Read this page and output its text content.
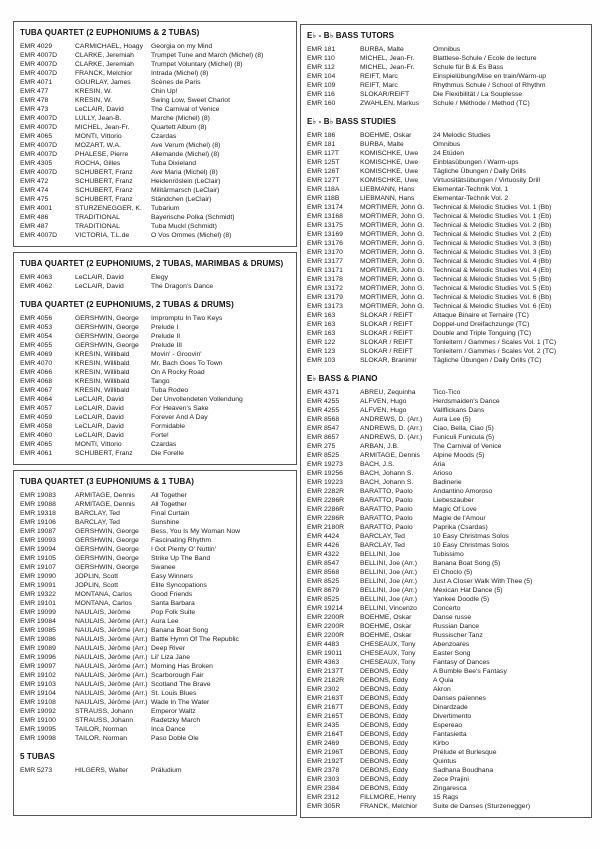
TUBA QUARTET (2 EUPHONIUMS & 2 TUBAS)
EMR 4029	CARMICHAEL, Hoagy	Georgia on my Mind
EMR 4007D	CLARKE, Jeremiah	Trumpet Tune and March (Michel) (8)
EMR 4007D	CLARKE, Jeremiah	Trumpet Voluntary (Michel) (8)
EMR 4007D	FRANCK, Melchior	Intrada (Michel) (8)
EMR 4071	GOURLAY, James	Scènes de Paris
EMR 477	KRESIN, W.	Chin Up!
EMR 478	KRESIN, W.	Swing Low, Sweet Chariot
EMR 473	LeCLAIR, David	The Carnival of Venice
EMR 4007D	LULLY, Jean-B.	Marche (Michel) (8)
EMR 4007D	MICHEL, Jean-Fr.	Quartett Album (8)
EMR 4065	MONTI, Vittorio	Czardas
EMR 4007D	MOZART, W.A.	Ave Verum (Michel) (8)
EMR 4007D	PHALESE, Pierre	Allemande (Michel) (8)
EMR 4305	ROCHA, Gilles	Tuba Dixieland
EMR 4007D	SCHUBERT, Franz	Ave Maria (Michel) (8)
EMR 472	SCHUBERT, Franz	Heidenröslein (LeClair)
EMR 474	SCHUBERT, Franz	Militärmarsch (LeClair)
EMR 475	SCHUBERT, Franz	Ständchen (LeClair)
EMR 4001	STURZENEGGER, K.	Tubarium
EMR 486	TRADITIONAL	Bayerische Polka (Schmidt)
EMR 487	TRADITIONAL	Tuba Muckl (Schmidt)
EMR 4007D	VICTORIA, T.L.de	O Vos Ommes (Michel) (8)
TUBA QUARTET (2 EUPHONIUMS, 2 TUBAS, MARIMBAS & DRUMS)
EMR 4063	LeCLAIR, David	Elegy
EMR 4062	LeCLAIR, David	The Dragon's Dance
TUBA QUARTET (2 EUPHONIUMS, 2 TUBAS & DRUMS)
EMR 4056	GERSHWIN, George	Impromptu In Two Keys
EMR 4053	GERSHWIN, George	Prelude I
EMR 4054	GERSHWIN, George	Prelude II
EMR 4055	GERSHWIN, George	Prelude III
EMR 4069	KRESIN, Willibald	Movin' - Groovin'
EMR 4070	KRESIN, Willibald	Mr. Bach Goes To Town
EMR 4066	KRESIN, Willibald	On A Rocky Road
EMR 4068	KRESIN, Willibald	Tango
EMR 4067	KRESIN, Willibald	Tuba Rodeo
EMR 4064	LeCLAIR, David	Der Unvollendeten Vollendung
EMR 4057	LeCLAIR, David	For Heaven's Sake
EMR 4059	LeCLAIR, David	Forever And A Day
EMR 4058	LeCLAIR, David	Formidable
EMR 4060	LeCLAIR, David	Forte!
EMR 4065	MONTI, Vittorio	Czardas
EMR 4061	SCHUBERT, Franz	Die Forelle
TUBA QUARTET (3 EUPHONIUMS & 1 TUBA)
EMR 19083	ARMITAGE, Dennis	All Together
EMR 19088	ARMITAGE, Dennis	All Together
EMR 19318	BARCLAY, Ted	Final Curtain
EMR 19106	BARCLAY, Ted	Sunshine
EMR 19087	GERSHWIN, George	Bess, You Is My Woman Now
EMR 19093	GERSHWIN, George	Fascinating Rhythm
EMR 19094	GERSHWIN, George	I Got Plenty O' Nuttin'
EMR 19105	GERSHWIN, George	Strike Up The Band
EMR 19107	GERSHWIN, George	Swanee
EMR 19090	JOPLIN, Scott	Easy Winners
EMR 19091	JOPLIN, Scott	Elite Syncopations
EMR 19322	MONTANA, Carlos	Good Friends
EMR 19101	MONTANA, Carlos	Santa Barbara
EMR 19099	NAULAIS, Jérôme	Pop Folk Suite
EMR 19084	NAULAIS, Jérôme (Arr.) Aura Lee
EMR 19085	NAULAIS, Jérôme (Arr.) Banana Boat Song
EMR 19086	NAULAIS, Jérôme (Arr.) Battle Hymn Of The Republic
EMR 19089	NAULAIS, Jérôme (Arr.) Deep River
EMR 19096	NAULAIS, Jérôme (Arr.) Lil' Liza Jane
EMR 19097	NAULAIS, Jérôme (Arr.) Morning Has Broken
EMR 19102	NAULAIS, Jérôme (Arr.) Scarborough Fair
EMR 19103	NAULAIS, Jérôme (Arr.) Scotland The Brave
EMR 19104	NAULAIS, Jérôme (Arr.) St. Louis Blues
EMR 19108	NAULAIS, Jérôme (Arr.) Wade In The Water
EMR 19092	STRAUSS, Johann	Emperor Waltz
EMR 19100	STRAUSS, Johann	Radetzky March
EMR 19095	TAILOR, Norman	Inca Dance
EMR 19098	TAILOR, Norman	Paso Doble Ole
5 TUBAS
EMR 5273	HILGERS, Walter	Präludium
E♭ - B♭ BASS TUTORS
EMR 181	BURBA, Malte	Omnibus
EMR 110	MICHEL, Jean-Fr.	Blattlese-Schule / Ecole de lecture
EMR 112	MICHEL, Jean-Fr.	Schule für B & Es Bass
EMR 104	REIFT, Marc	Einspielübung/Mise en train/Warm-up
EMR 109	REIFT, Marc	Rhythmus Schule / School of Rhythm
EMR 116	SLOKAR/REIFT	Die Flexibilität / La Souplesse
EMR 160	ZWAHLEN, Markus	Schule / Méthode / Method (TC)
E♭ - B♭ BASS STUDIES
EMR 186	BOEHME, Oskar	24 Melodic Studies
EMR 181	BURBA, Malte	Omnibus
EMR 117T	KOMISCHKE, Uwe	24 Etüden
EMR 125T	KOMISCHKE, Uwe	Einblasübungen / Warm-ups
EMR 126T	KOMISCHKE, Uwe	Tägliche Übungen / Daily Drills
EMR 127T	KOMISCHKE, Uwe	Virtuositätsübungen / Virtuosity Drill
EMR 118A	LIEBMANN, Hans	Elementar-Technik Vol. 1
EMR 118B	LIEBMANN, Hans	Elementar-Technik Vol. 2
EMR 13174	MORTIMER, John G.	Technical & Melodic Studies Vol. 1 (Bb)
EMR 13168	MORTIMER, John G.	Technical & Melodic Studies Vol. 1 (Eb)
EMR 13175	MORTIMER, John G.	Technical & Melodic Studies Vol. 2 (Bb)
EMR 13169	MORTIMER, John G.	Technical & Melodic Studies Vol. 2 (Eb)
EMR 13176	MORTIMER, John G.	Technical & Melodic Studies Vol. 3 (Bb)
EMR 13170	MORTIMER, John G.	Technical & Melodic Studies Vol. 3 (Eb)
EMR 13177	MORTIMER, John G.	Technical & Melodic Studies Vol. 4 (Bb)
EMR 13171	MORTIMER, John G.	Technical & Melodic Studies Vol. 4 (Eb)
EMR 13178	MORTIMER, John G.	Technical & Melodic Studies Vol. 5 (Bb)
EMR 13172	MORTIMER, John G.	Technical & Melodic Studies Vol. 5 (Eb)
EMR 13179	MORTIMER, John G.	Technical & Melodic Studies Vol. 6 (Bb)
EMR 13173	MORTIMER, John G.	Technical & Melodic Studies Vol. 6 (Eb)
EMR 163	SLOKAR / REIFT	Attaque Binaire et Ternaire (TC)
EMR 163	SLOKAR / REIFT	Doppel-und Dreifachzunge (TC)
EMR 163	SLOKAR / REIFT	Double and Triple Tonguing (TC)
EMR 122	SLOKAR / REIFT	Tonleitern / Gammes / Scales Vol. 1 (TC)
EMR 123	SLOKAR / REIFT	Tonleitern / Gammes / Scales Vol. 2 (TC)
EMR 103	SLOKAR, Branimir	Tägliche Übungen / Daily Drills (TC)
E♭ BASS & PIANO
EMR 4371	ABREU, Zequinha	Tico-Tico
EMR 4255	ALFVEN, Hugo	Herdsmaiden's Dance
EMR 4255	ALFVEN, Hugo	Vallflickans Dans
EMR 8568	ANDREWS, D. (Arr.)	Aura Lee (5)
EMR 8547	ANDREWS, D. (Arr.)	Ciao, Bella, Ciao (5)
EMR 8657	ANDREWS, D. (Arr.)	Funiculi Funicula (5)
EMR 275	ARBAN, J.B.	The Carnival of Venice
EMR 8525	ARMITAGE, Dennis	Alpine Moods (5)
EMR 19273	BACH, J.S.	Aria
EMR 19256	BACH, Johann S.	Arioso
EMR 19223	BACH, Johann S.	Badinerie
EMR 2282R	BARATTO, Paolo	Andantino Amoroso
EMR 2286R	BARATTO, Paolo	Liebeszauber
EMR 2286R	BARATTO, Paolo	Magic Of Love
EMR 2286R	BARATTO, Paolo	Magie de l'Amour
EMR 2180R	BARATTO, Paolo	Paprika (Csardas)
EMR 4424	BARCLAY, Ted	10 Easy Christmas Solos
EMR 4426	BARCLAY, Ted	10 Easy Christmas Solos
EMR 4322	BELLINI, Joe	Tubissimo
EMR 8547	BELLINI, Joe (Arr.)	Banana Boat Song (5)
EMR 8568	BELLINI, Joe (Arr.)	El Choclo (5)
EMR 8525	BELLINI, Joe (Arr.)	Just A Closer Walk With Thee (5)
EMR 8679	BELLINI, Joe (Arr.)	Mexican Hat Dance (5)
EMR 8525	BELLINI, Joe (Arr.)	Yankee Doodle (5)
EMR 19214	BELLINI, Vincenzo	Concerto
EMR 2200R	BOEHME, Oskar	Danse russe
EMR 2200R	BOEHME, Oskar	Russian Dance
EMR 2200R	BOEHME, Oskar	Russischer Tanz
EMR 4483	CHESEAUX, Tony	Abenzoares
EMR 19011	CHESEAUX, Tony	Easter Song
EMR 4363	CHESEAUX, Tony	Fantasy of Dances
EMR 2137T	DEBONS, Eddy	A Bumble Bee's Fantasy
EMR 2182R	DEBONS, Eddy	A Quia
EMR 2302	DEBONS, Eddy	Akron
EMR 2163T	DEBONS, Eddy	Danses païennes
EMR 2167T	DEBONS, Eddy	Dinardzade
EMR 2165T	DEBONS, Eddy	Divertimento
EMR 2435	DEBONS, Eddy	Espereao
EMR 2164T	DEBONS, Eddy	Fantasietta
EMR 2469	DEBONS, Eddy	Kirbo
EMR 2196T	DEBONS, Eddy	Prélude et Burlesque
EMR 2192T	DEBONS, Eddy	Quintus
EMR 2378	DEBONS, Eddy	Sadhana Boudhana
EMR 2303	DEBONS, Eddy	Zece Prajini
EMR 2384	DEBONS, Eddy	Zingaresca
EMR 2312	FILLMORE, Henry	15 Rags
EMR 305R	FRANCK, Melchior	Suite de Danses (Sturzenegger)
